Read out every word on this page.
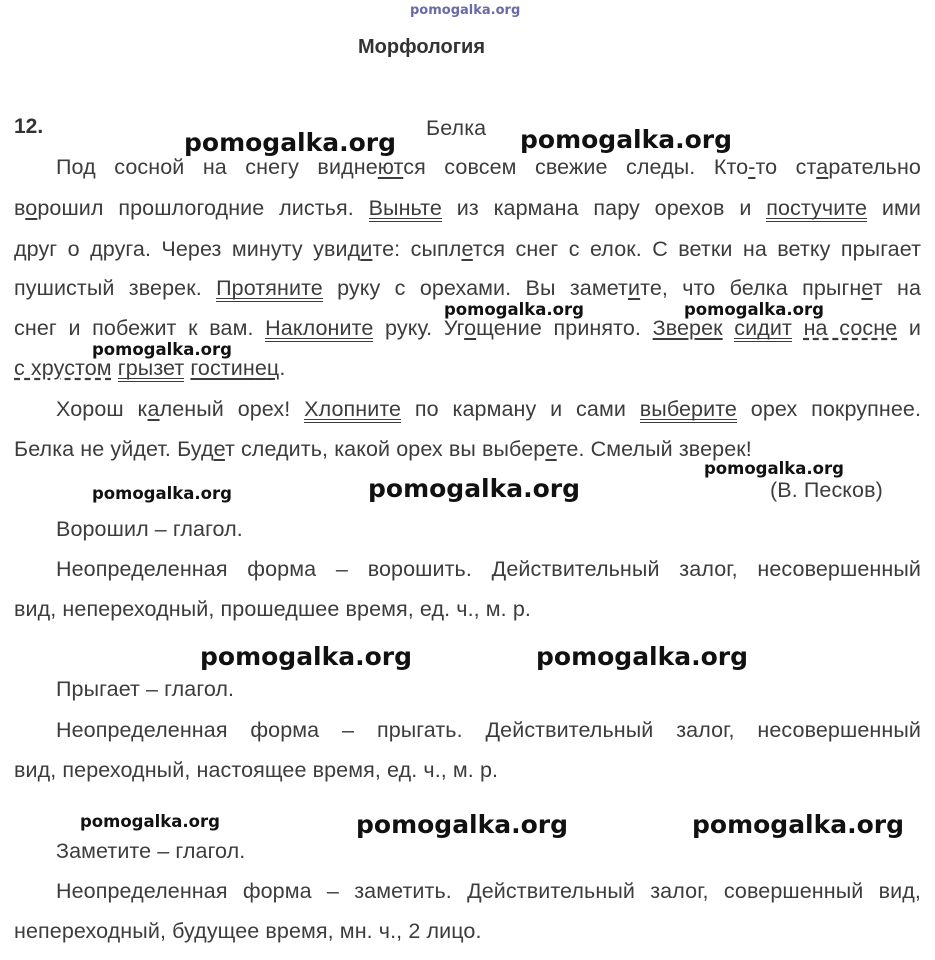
pomogalka.org
Морфология
12.	Белка
Под сосной на снегу виднеются совсем свежие следы. Кто-то старательно
ворошил прошлогодние листья. Выньте из кармана пару орехов и постучите ими
друг о друга. Через минуту увидите: сыплется снег с елок. С ветки на ветку прыгает
пушистый зверек. Протяните руку с орехами. Вы заметите, что белка прыгнет на
снег и побежит к вам. Наклоните руку. Угощение принято. Зверек сидит на сосне и
с хрустом грызет гостинец.
Хорош каленый орех! Хлопните по карману и сами выберите орех покрупнее.
Белка не уйдет. Будет следить, какой орех вы выберете. Смелый зверек!
(В. Песков)
Ворошил – глагол.
Неопределенная форма – ворошить. Действительный залог, несовершенный
вид, непереходный, прошедшее время, ед. ч., м. р.
Прыгает – глагол.
Неопределенная форма – прыгать. Действительный залог, несовершенный
вид, переходный, настоящее время, ед. ч., м. р.
Заметите – глагол.
Неопределенная форма – заметить. Действительный залог, совершенный вид,
непереходный, будущее время, мн. ч., 2 лицо.
pomogalka.org	pomogalka.org
pomogalka.org	pomogalka.org
pomogalka.org
pomogalka.org
pomogalka.org	pomogalka.org
pomogalka.org	pomogalka.org
pomogalka.org	pomogalka.org	pomogalka.org
